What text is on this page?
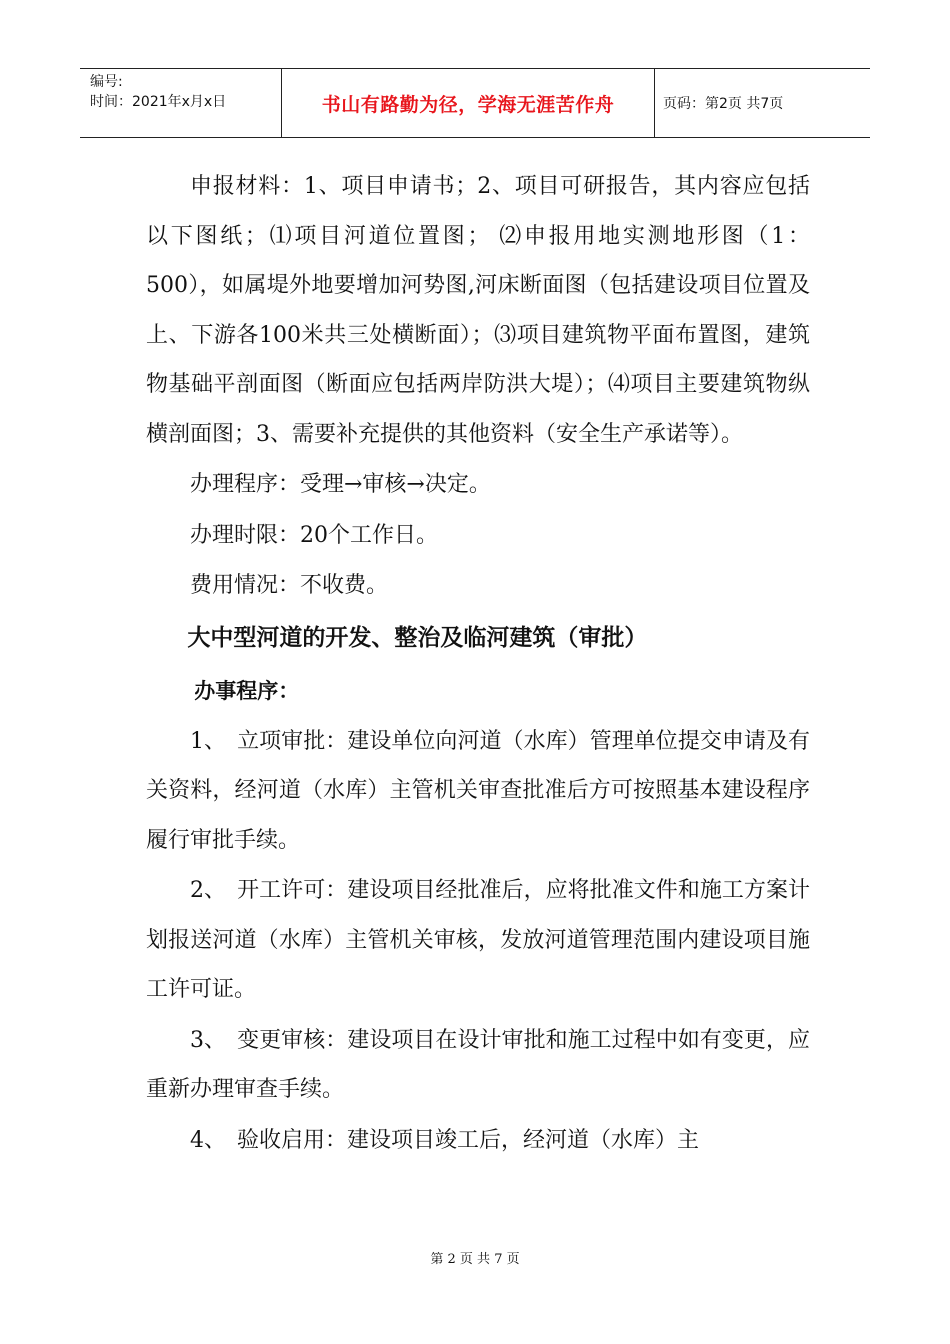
编号:
时间：2021年x月x日	书山有路勤为径，学海无涯苦作舟	页码：第2页 共7页

申报材料：1、项目申请书；2、项目可研报告，其内容应包括以下图纸；⑴项目河道位置图； ⑵申报用地实测地形图（1：500），如属堤外地要增加河势图,河床断面图（包括建设项目位置及上、下游各100米共三处横断面）；⑶项目建筑物平面布置图，建筑物基础平剖面图（断面应包括两岸防洪大堤）；⑷项目主要建筑物纵横剖面图；3、需要补充提供的其他资料（安全生产承诺等）。

办理程序：受理→审核→决定。

办理时限：20个工作日。

费用情况：不收费。

大中型河道的开发、整治及临河建筑（审批）
办事程序：

1、　立项审批：建设单位向河道（水库）管理单位提交申请及有关资料，经河道（水库）主管机关审查批准后方可按照基本建设程序履行审批手续。

2、　开工许可：建设项目经批准后，应将批准文件和施工方案计划报送河道（水库）主管机关审核，发放河道管理范围内建设项目施工许可证。

3、　变更审核：建设项目在设计审批和施工过程中如有变更，应重新办理审查手续。

4、　验收启用：建设项目竣工后，经河道（水库）主

第 2 页 共 7 页
